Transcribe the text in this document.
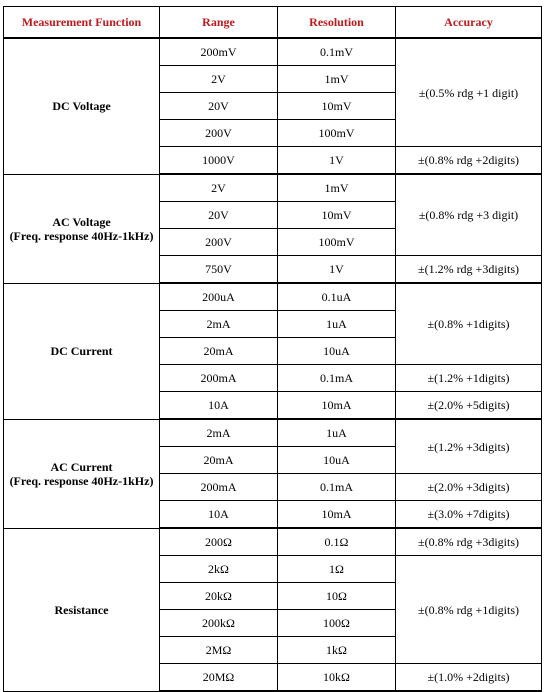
Measurement Function	Range	Resolution	Accuracy

DC Voltage	200mV	0.1mV	±(0.5% rdg +1 digit)
	2V	1mV	
	20V	10mV	
	200V	100mV	
	1000V	1V	±(0.8% rdg +2digits)

AC Voltage
(Freq. response 40Hz-1kHz)	2V	1mV	±(0.8% rdg +3 digit)
	20V	10mV	
	200V	100mV	
	750V	1V	±(1.2% rdg +3digits)

DC Current	200uA	0.1uA	±(0.8% +1digits)
	2mA	1uA	
	20mA	10uA	
	200mA	0.1mA	±(1.2% +1digits)
	10A	10mA	±(2.0% +5digits)

AC Current
(Freq. response 40Hz-1kHz)	2mA	1uA	±(1.2% +3digits)
	20mA	10uA	
	200mA	0.1mA	±(2.0% +3digits)
	10A	10mA	±(3.0% +7digits)

Resistance	200Ω	0.1Ω	±(0.8% rdg +3digits)
	2kΩ	1Ω	±(0.8% rdg +1digits)
	20kΩ	10Ω	
	200kΩ	100Ω	
	2MΩ	1kΩ	
	20MΩ	10kΩ	±(1.0% +2digits)
